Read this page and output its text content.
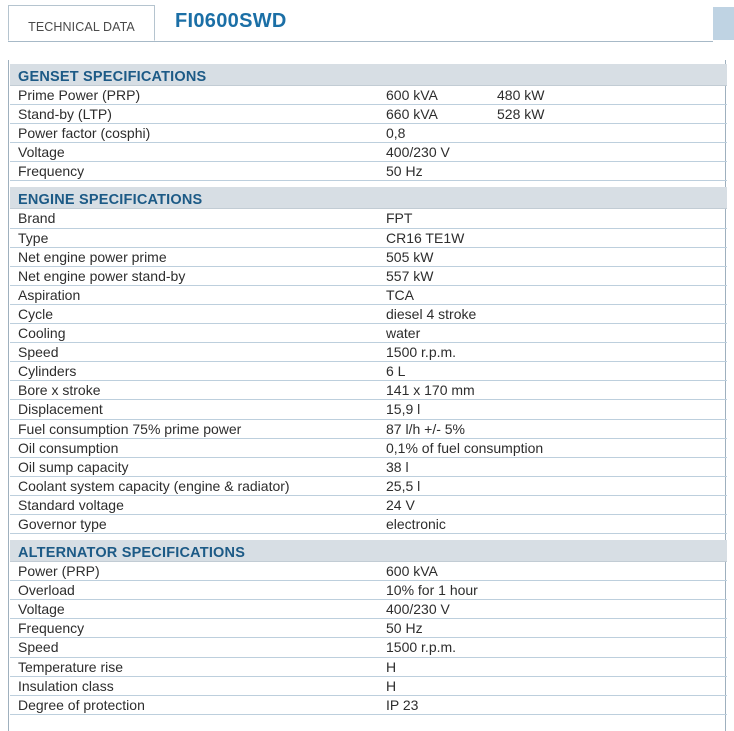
TECHNICAL DATA	FI0600SWD
GENSET SPECIFICATIONS
Prime Power (PRP)	600 kVA	480 kW
Stand-by (LTP)	660 kVA	528 kW
Power factor (cosphi)	0,8
Voltage	400/230 V
Frequency	50 Hz
ENGINE SPECIFICATIONS
Brand	FPT
Type	CR16 TE1W
Net engine power prime	505 kW
Net engine power stand-by	557 kW
Aspiration	TCA
Cycle	diesel 4 stroke
Cooling	water
Speed	1500 r.p.m.
Cylinders	6 L
Bore x stroke	141 x 170 mm
Displacement	15,9 l
Fuel consumption 75% prime power	87 l/h +/- 5%
Oil consumption	0,1% of fuel consumption
Oil sump capacity	38 l
Coolant system capacity (engine & radiator)	25,5 l
Standard voltage	24 V
Governor type	electronic
ALTERNATOR SPECIFICATIONS
Power (PRP)	600 kVA
Overload	10% for 1 hour
Voltage	400/230 V
Frequency	50 Hz
Speed	1500 r.p.m.
Temperature rise	H
Insulation class	H
Degree of protection	IP 23
